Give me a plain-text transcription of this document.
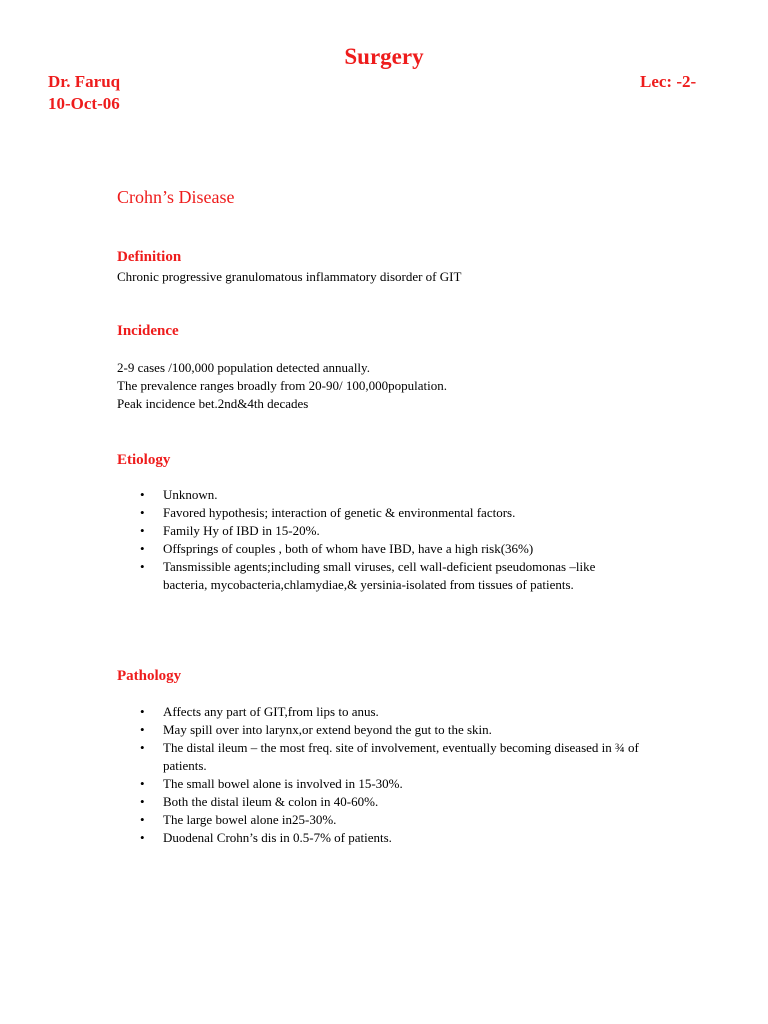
Surgery
Dr. Faruq	Lec: -2-
10-Oct-06
Crohn’s Disease
Definition

Chronic progressive granulomatous inflammatory disorder of GIT

Incidence

2-9 cases /100,000 population detected annually.
The prevalence ranges broadly from 20-90/ 100,000population.
Peak incidence bet.2nd&4th decades

Etiology
• Unknown.
• Favored hypothesis; interaction of genetic & environmental factors.
• Family Hy of IBD in 15-20%.
• Offsprings of couples , both of whom have IBD, have a high risk(36%)
• Tansmissible agents;including small viruses, cell wall-deficient pseudomonas –like bacteria, mycobacteria,chlamydiae,& yersinia-isolated from tissues of patients.
Pathology
• Affects any part of GIT,from lips to anus.
• May spill over into larynx,or extend beyond the gut to the skin.
• The distal ileum – the most freq. site of involvement, eventually becoming diseased in ¾ of patients.
• The small bowel alone is involved in 15-30%.
• Both the distal ileum & colon in 40-60%.
• The large bowel alone in25-30%.
• Duodenal Crohn’s dis in 0.5-7% of patients.
